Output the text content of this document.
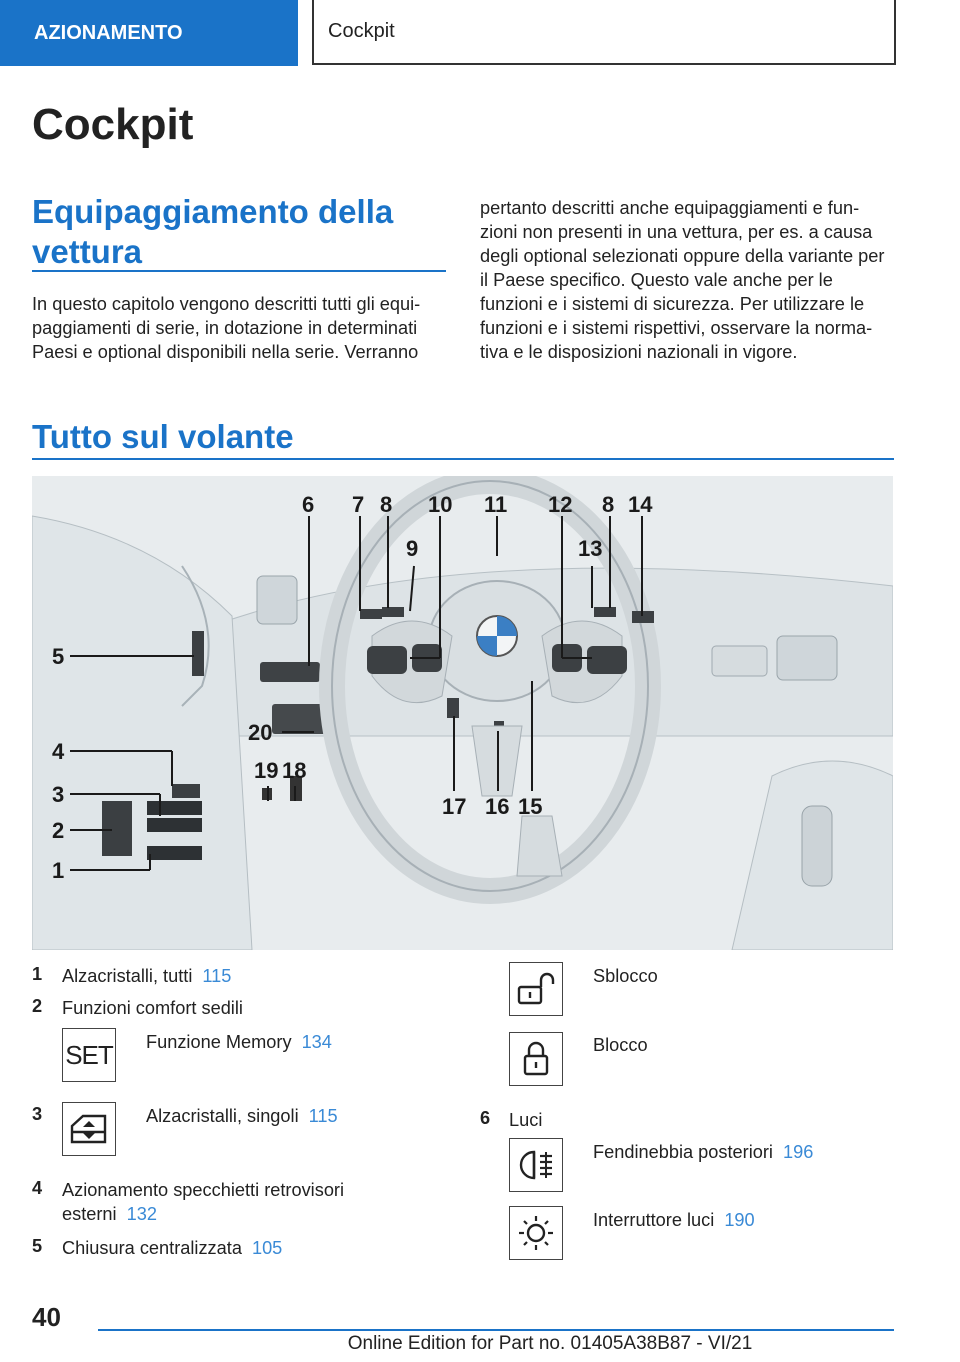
AZIONAMENTO	Cockpit
Cockpit
Equipaggiamento della vettura
In questo capitolo vengono descritti tutti gli equi-paggiamenti di serie, in dotazione in determinati Paesi e optional disponibili nella serie. Verranno
pertanto descritti anche equipaggiamenti e fun-zioni non presenti in una vettura, per es. a causa degli optional selezionati oppure della variante per il Paese specifico. Questo vale anche per le funzioni e i sistemi di sicurezza. Per utilizzare le funzioni e i sistemi rispettivi, osservare la norma-tiva e le disposizioni nazionali in vigore.
Tutto sul volante
5
4
3
2
1
6 7 8
9
10 11 12
13
8 14
15
16
17
18
19
20
1 Alzacristalli, tutti 115
2 Funzioni comfort sedili
SET Funzione Memory 134
3	Alzacristalli, singoli 115
4 Azionamento specchietti retrovisori esterni 132
5 Chiusura centralizzata 105
Sblocco
Blocco
6 Luci
Fendinebbia posteriori 196
Interruttore luci 190
40
Online Edition for Part no. 01405A38B87 - VI/21
